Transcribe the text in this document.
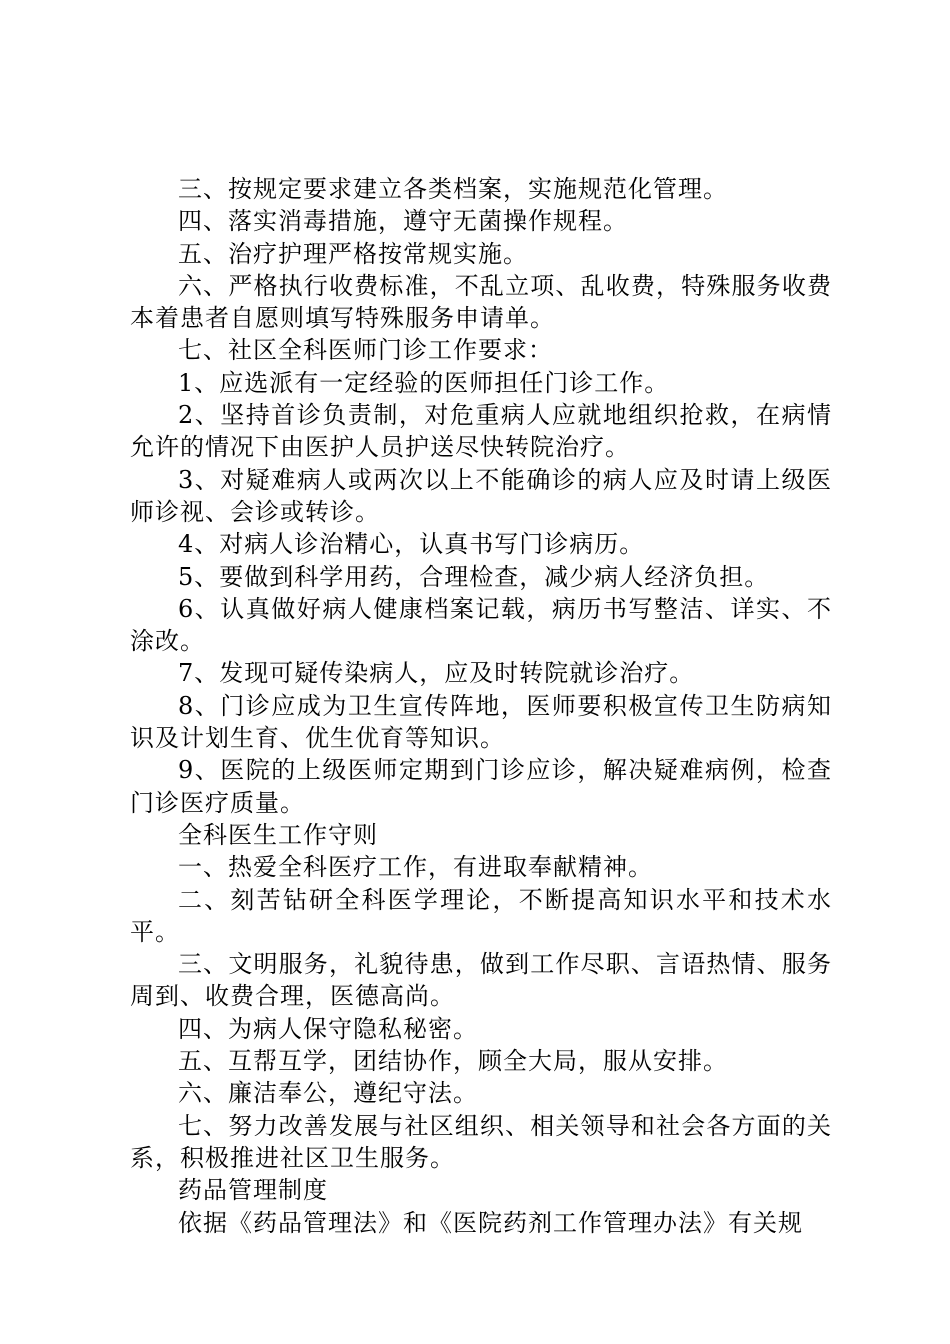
三、按规定要求建立各类档案，实施规范化管理。

四、落实消毒措施，遵守无菌操作规程。

五、治疗护理严格按常规实施。

六、严格执行收费标准，不乱立项、乱收费，特殊服务收费本着患者自愿则填写特殊服务申请单。

七、社区全科医师门诊工作要求：

1、应选派有一定经验的医师担任门诊工作。

2、坚持首诊负责制，对危重病人应就地组织抢救，在病情允许的情况下由医护人员护送尽快转院治疗。

3、对疑难病人或两次以上不能确诊的病人应及时请上级医师诊视、会诊或转诊。

4、对病人诊治精心，认真书写门诊病历。

5、要做到科学用药，合理检查，减少病人经济负担。

6、认真做好病人健康档案记载，病历书写整洁、详实、不涂改。

7、发现可疑传染病人，应及时转院就诊治疗。

8、门诊应成为卫生宣传阵地，医师要积极宣传卫生防病知识及计划生育、优生优育等知识。

9、医院的上级医师定期到门诊应诊，解决疑难病例，检查门诊医疗质量。

全科医生工作守则

一、热爱全科医疗工作，有进取奉献精神。

二、刻苦钻研全科医学理论，不断提高知识水平和技术水平。

三、文明服务，礼貌待患，做到工作尽职、言语热情、服务周到、收费合理，医德高尚。

四、为病人保守隐私秘密。

五、互帮互学，团结协作，顾全大局，服从安排。

六、廉洁奉公，遵纪守法。

七、努力改善发展与社区组织、相关领导和社会各方面的关系，积极推进社区卫生服务。

药品管理制度

依据《药品管理法》和《医院药剂工作管理办法》有关规
